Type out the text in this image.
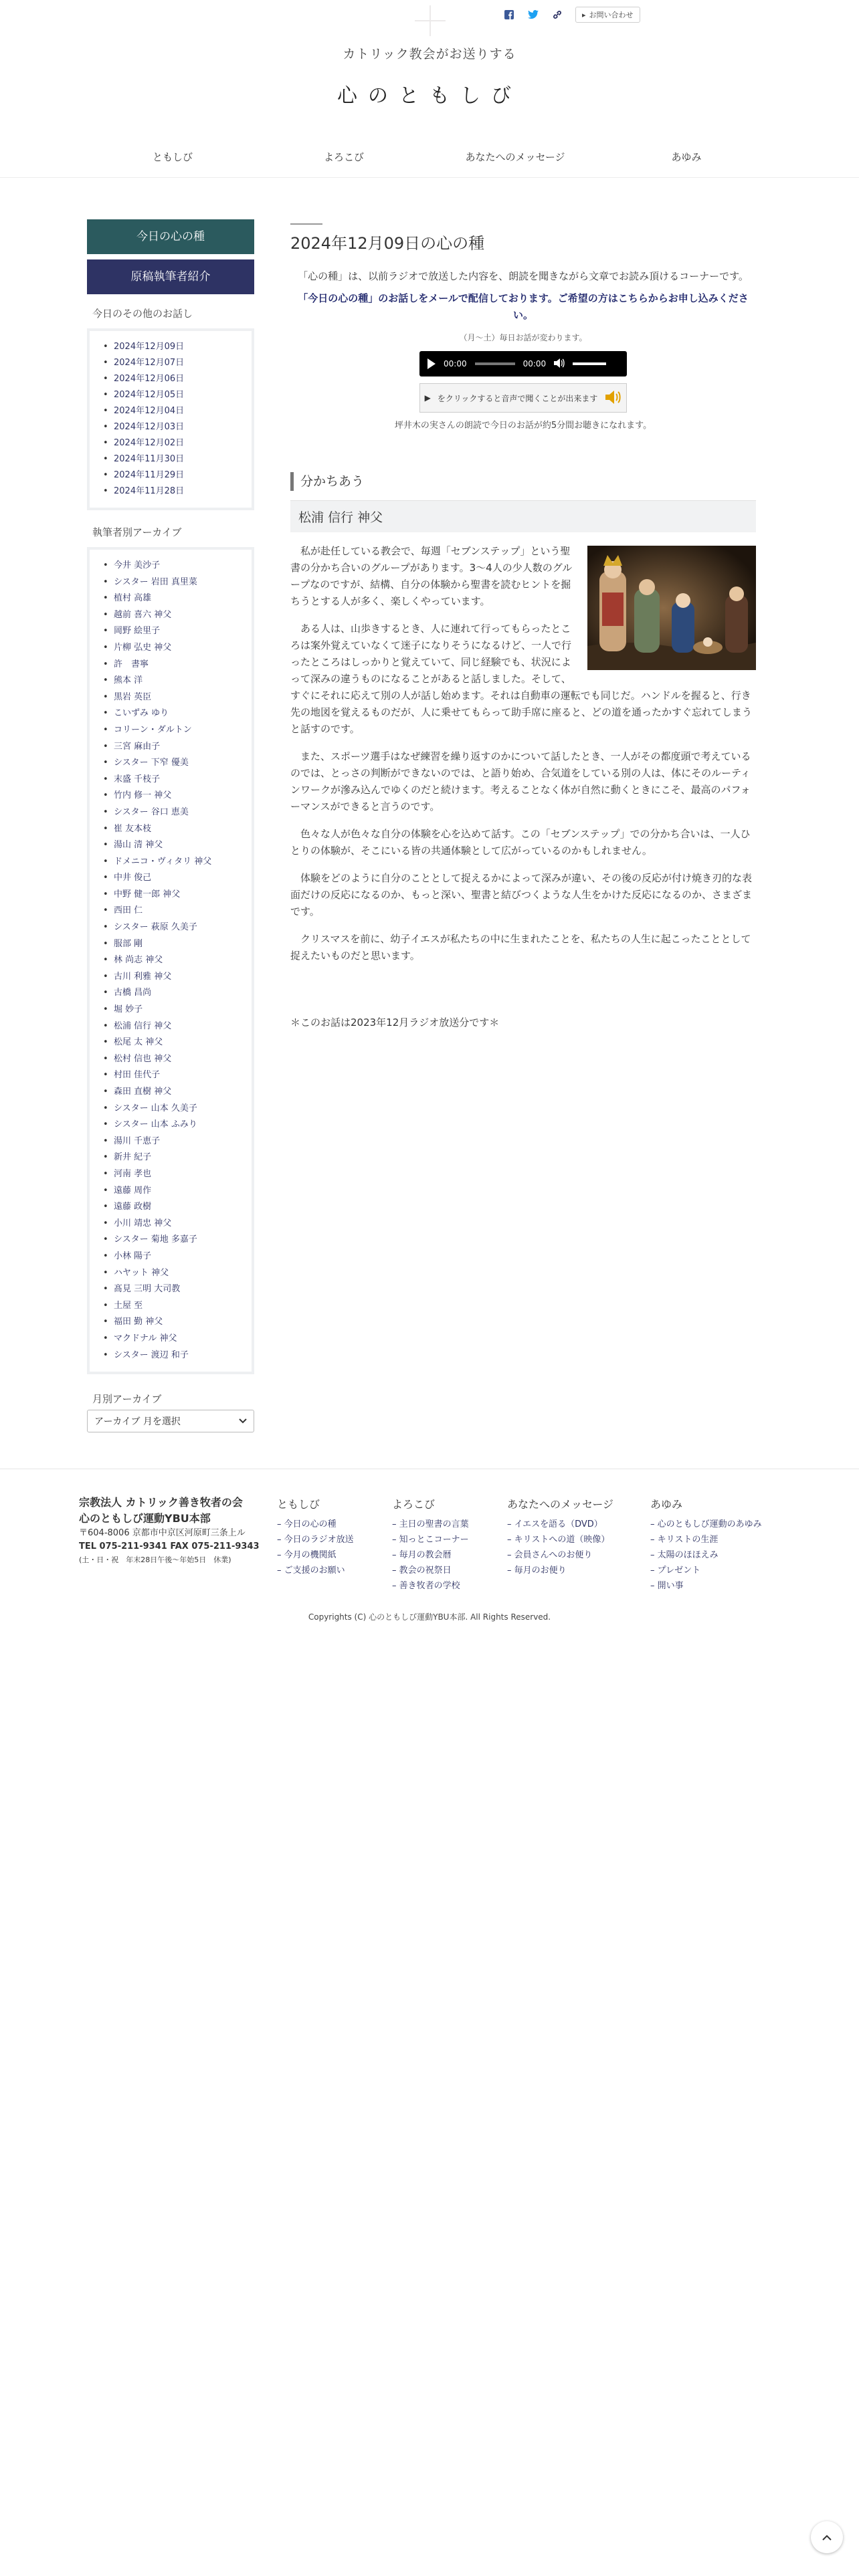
▸ お問い合わせ
カトリック教会がお送りする
心のともしび
ともしび	よろこび	あなたへのメッセージ	あゆみ
今日の心の種
原稿執筆者紹介
今日のその他のお話し
• 2024年12月09日
• 2024年12月07日
• 2024年12月06日
• 2024年12月05日
• 2024年12月04日
• 2024年12月03日
• 2024年12月02日
• 2024年11月30日
• 2024年11月29日
• 2024年11月28日
執筆者別アーカイブ
• 今井 美沙子
• シスター 岩田 真里菜
• 植村 高雄
• 越前 喜六 神父
• 岡野 絵里子
• 片柳 弘史 神父
• 許　書寧
• 熊本 洋
• 黒岩 英臣
• こいずみ ゆり
• コリーン・ダルトン
• 三宮 麻由子
• シスター 下窄 優美
• 末盛 千枝子
• 竹内 修一 神父
• シスター 谷口 恵美
• 崔 友本枝
• 湯山 清 神父
• ドメニコ・ヴィタリ 神父
• 中井 俊己
• 中野 健一郎 神父
• 西田 仁
• シスター 萩原 久美子
• 服部 剛
• 林 尚志 神父
• 古川 利雅 神父
• 古橋 昌尚
• 堀 妙子
• 松浦 信行 神父
• 松尾 太 神父
• 松村 信也 神父
• 村田 佳代子
• 森田 直樹 神父
• シスター 山本 久美子
• シスター 山本 ふみり
• 湯川 千恵子
• 新井 紀子
• 河南 孝也
• 遠藤 周作
• 遠藤 政樹
• 小川 靖忠 神父
• シスター 菊地 多嘉子
• 小林 陽子
• ハヤット 神父
• 髙見 三明 大司教
• 土屋 至
• 福田 勤 神父
• マクドナル 神父
• シスター 渡辺 和子
月別アーカイブ
アーカイブ 月を選択
2024年12月09日の心の種
「心の種」は、以前ラジオで放送した内容を、朗読を聞きながら文章でお読み頂けるコーナーです。
「今日の心の種」のお話しをメールで配信しております。ご希望の方はこちらからお申し込みください。
（月〜土）毎日お話が変わります。
00:00	00:00
▶ をクリックすると音声で聞くことが出来ます
坪井木の実さんの朗読で今日のお話が約5分間お聴きになれます。
分かちあう
松浦 信行 神父

私が赴任している教会で、毎週「セブンステップ」という聖書の分かち合いのグループがあります。3〜4人の少人数のグループなのですが、結構、自分の体験から聖書を読むヒントを掘ちうとする人が多く、楽しくやっています。

ある人は、山歩きするとき、人に連れて行ってもらったところは案外覚えていなくて迷子になりそうになるけど、一人で行ったところはしっかりと覚えていて、同じ経験でも、状況によって深みの違うものになることがあると話しました。そして、すぐにそれに応えて別の人が話し始めます。それは自動車の運転でも同じだ。ハンドルを握ると、行き先の地図を覚えるものだが、人に乗せてもらって助手席に座ると、どの道を通ったかすぐ忘れてしまうと話すのです。

また、スポーツ選手はなぜ練習を繰り返すのかについて話したとき、一人がその都度頭で考えているのでは、とっさの判断ができないのでは、と語り始め、合気道をしている別の人は、体にそのルーティンワークが滲み込んでゆくのだと続けます。考えることなく体が自然に動くときにこそ、最高のパフォーマンスができると言うのです。

色々な人が色々な自分の体験を心を込めて話す。この「セブンステップ」での分かち合いは、一人ひとりの体験が、そこにいる皆の共通体験として広がっているのかもしれません。

体験をどのように自分のこととして捉えるかによって深みが違い、その後の反応が付け焼き刃的な表面だけの反応になるのか、もっと深い、聖書と結びつくような人生をかけた反応になるのか、さまざまです。

クリスマスを前に、幼子イエスが私たちの中に生まれたことを、私たちの人生に起こったこととして捉えたいものだと思います。

＊このお話は2023年12月ラジオ放送分です＊
宗教法人 カトリック善き牧者の会
心のともしび運動YBU本部
〒604-8006 京都市中京区河原町三条上ル
TEL 075-211-9341 FAX 075-211-9343
(土・日・祝　年末28日午後〜年始5日　休業)
ともしび
– 今日の心の種
– 今日のラジオ放送
– 今月の機関紙
– ご支援のお願い
よろこび
– 主日の聖書の言葉
– 知っとこコーナー
– 毎月の教会暦
– 教会の祝祭日
– 善き牧者の学校
あなたへのメッセージ
– イエスを語る（DVD）
– キリストへの道（映像）
– 会員さんへのお便り
– 毎月のお便り
あゆみ
– 心のともしび運動のあゆみ
– キリストの生涯
– 太陽のほほえみ
– プレゼント
– 開い事
Copyrights (C) 心のともしび運動YBU本部. All Rights Reserved.
